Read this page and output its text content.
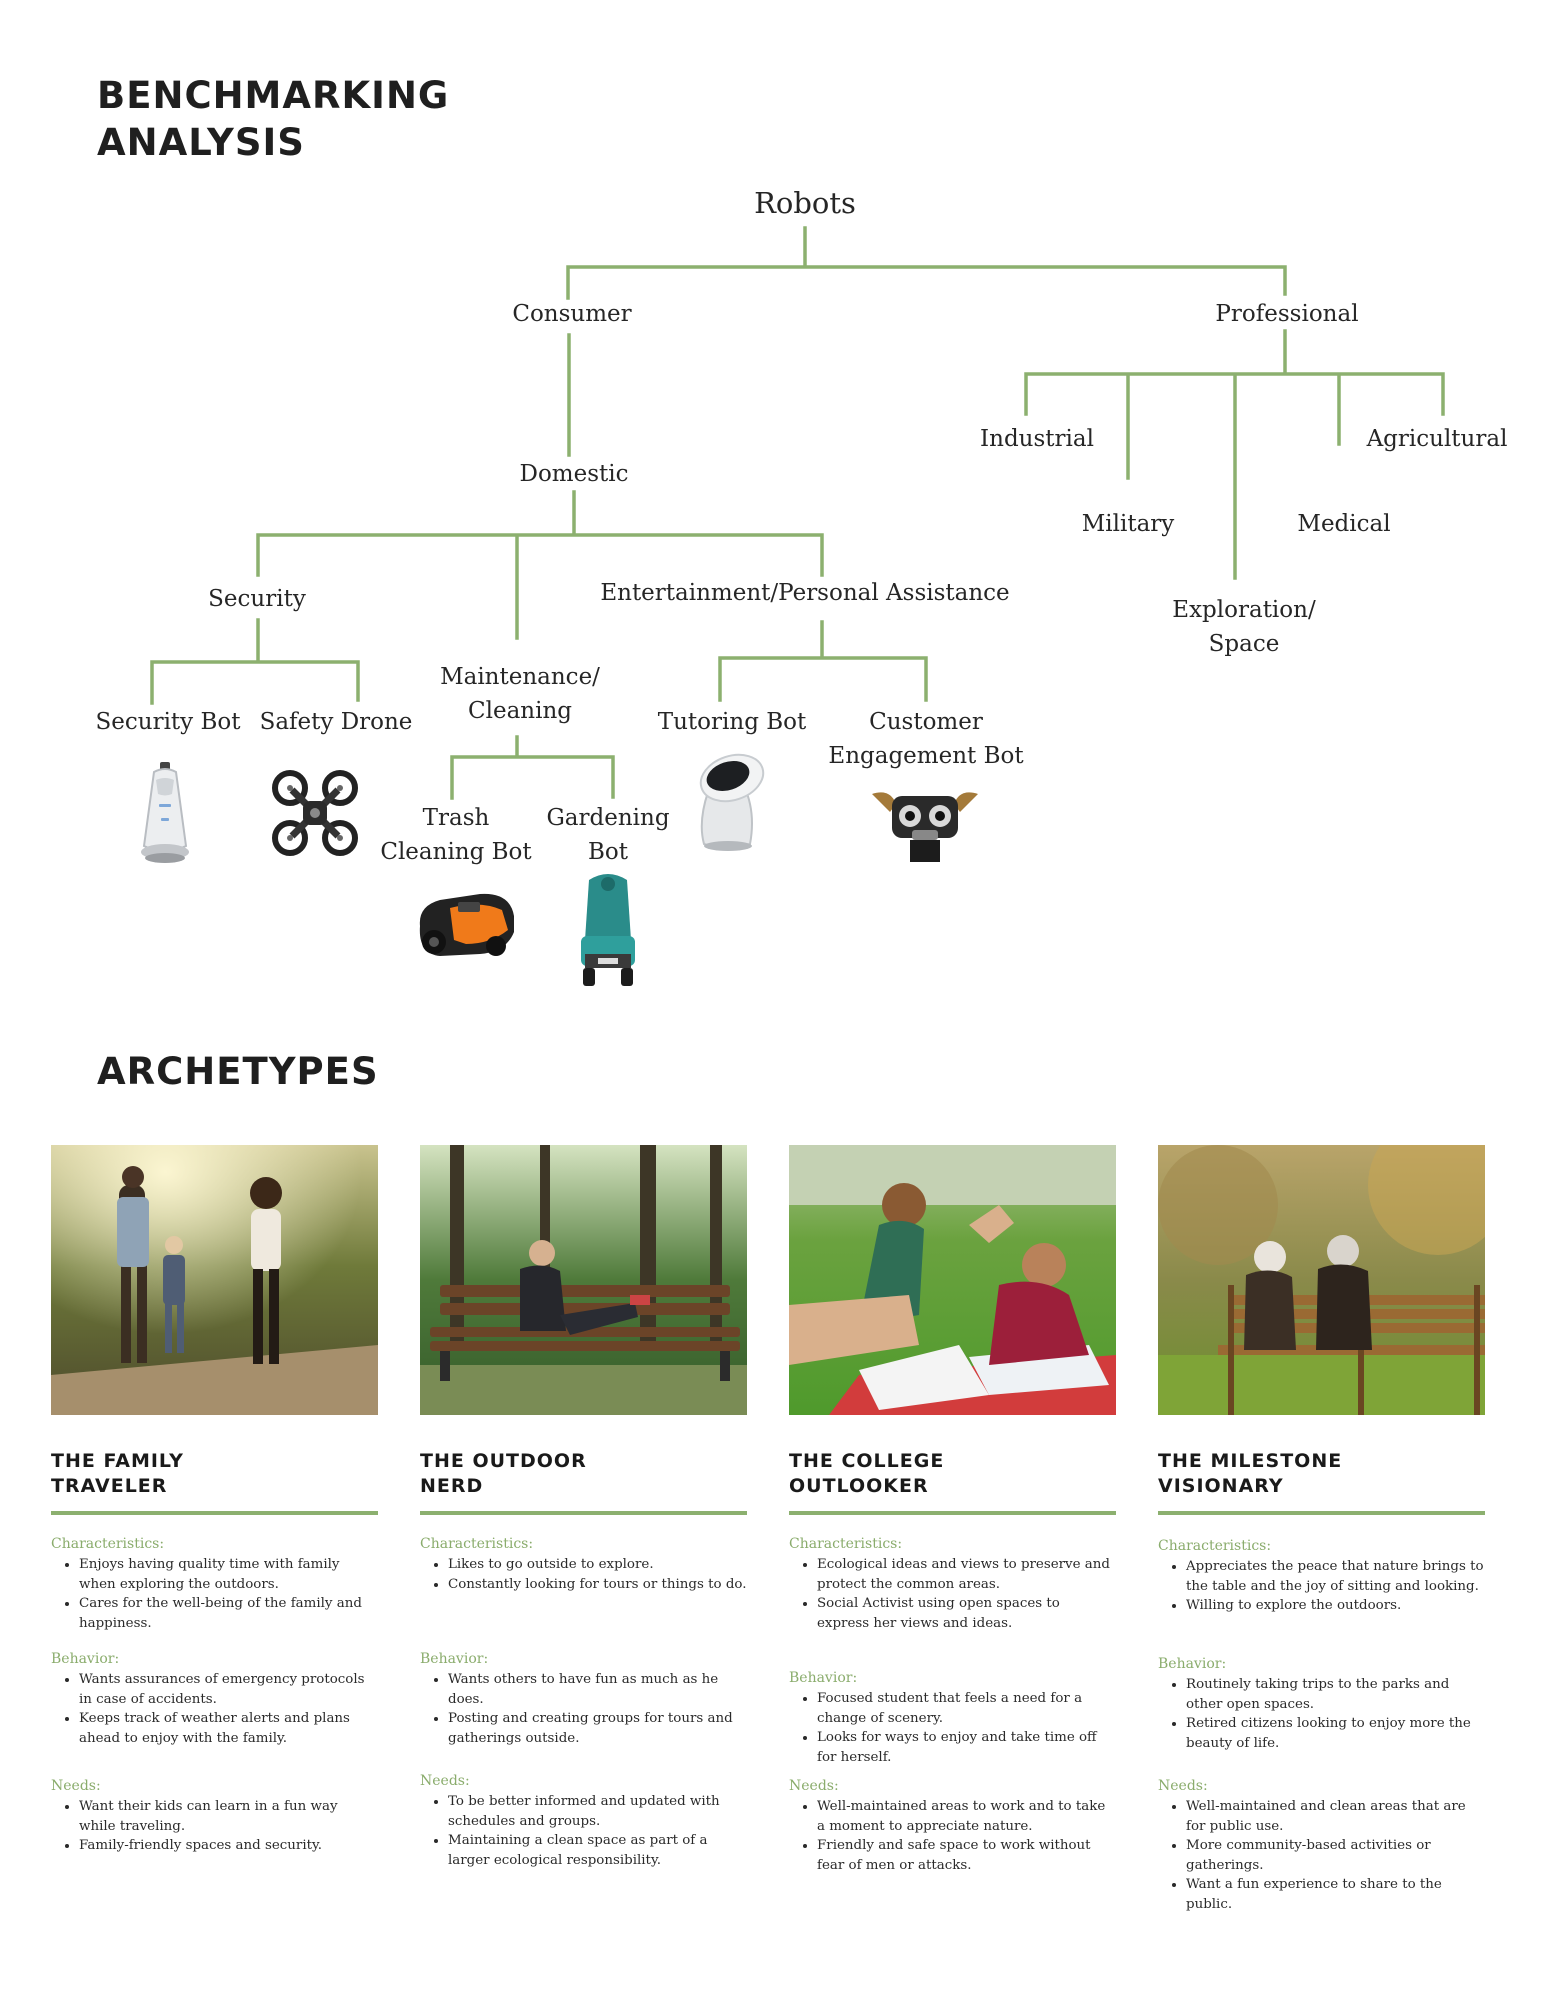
BENCHMARKING
ANALYSIS
Robots
Consumer	Professional
Domestic
Security
Maintenance/
Cleaning
Entertainment/Personal Assistance
Security Bot Safety Drone
Trash
Cleaning Bot
Gardening
Bot
Tutoring Bot	Customer
Engagement Bot
Industrial
Military
Exploration/
Space
Medical
Agricultural
ARCHETYPES
THE FAMILY
TRAVELER
Characteristics:
• Enjoys having quality time with family when exploring the outdoors.
• Cares for the well-being of the family and happiness.
Behavior:
• Wants assurances of emergency protocols in case of accidents.
• Keeps track of weather alerts and plans ahead to enjoy with the family.
Needs:
• Want their kids can learn in a fun way while traveling.
• Family-friendly spaces and security.
THE OUTDOOR
NERD
Characteristics:
• Likes to go outside to explore.
• Constantly looking for tours or things to do.
Behavior:
• Wants others to have fun as much as he does.
• Posting and creating groups for tours and gatherings outside.
Needs:
• To be better informed and updated with schedules and groups.
• Maintaining a clean space as part of a larger ecological responsibility.
THE COLLEGE
OUTLOOKER
Characteristics:
• Ecological ideas and views to preserve and protect the common areas.
• Social Activist using open spaces to express her views and ideas.
Behavior:
• Focused student that feels a need for a change of scenery.
• Looks for ways to enjoy and take time off for herself.
Needs:
• Well-maintained areas to work and to take a moment to appreciate nature.
• Friendly and safe space to work without fear of men or attacks.
THE MILESTONE
VISIONARY
Characteristics:
• Appreciates the peace that nature brings to the table and the joy of sitting and looking.
• Willing to explore the outdoors.
Behavior:
• Routinely taking trips to the parks and other open spaces.
• Retired citizens looking to enjoy more the beauty of life.
Needs:
• Well-maintained and clean areas that are for public use.
• More community-based activities or gatherings.
• Want a fun experience to share to the public.
